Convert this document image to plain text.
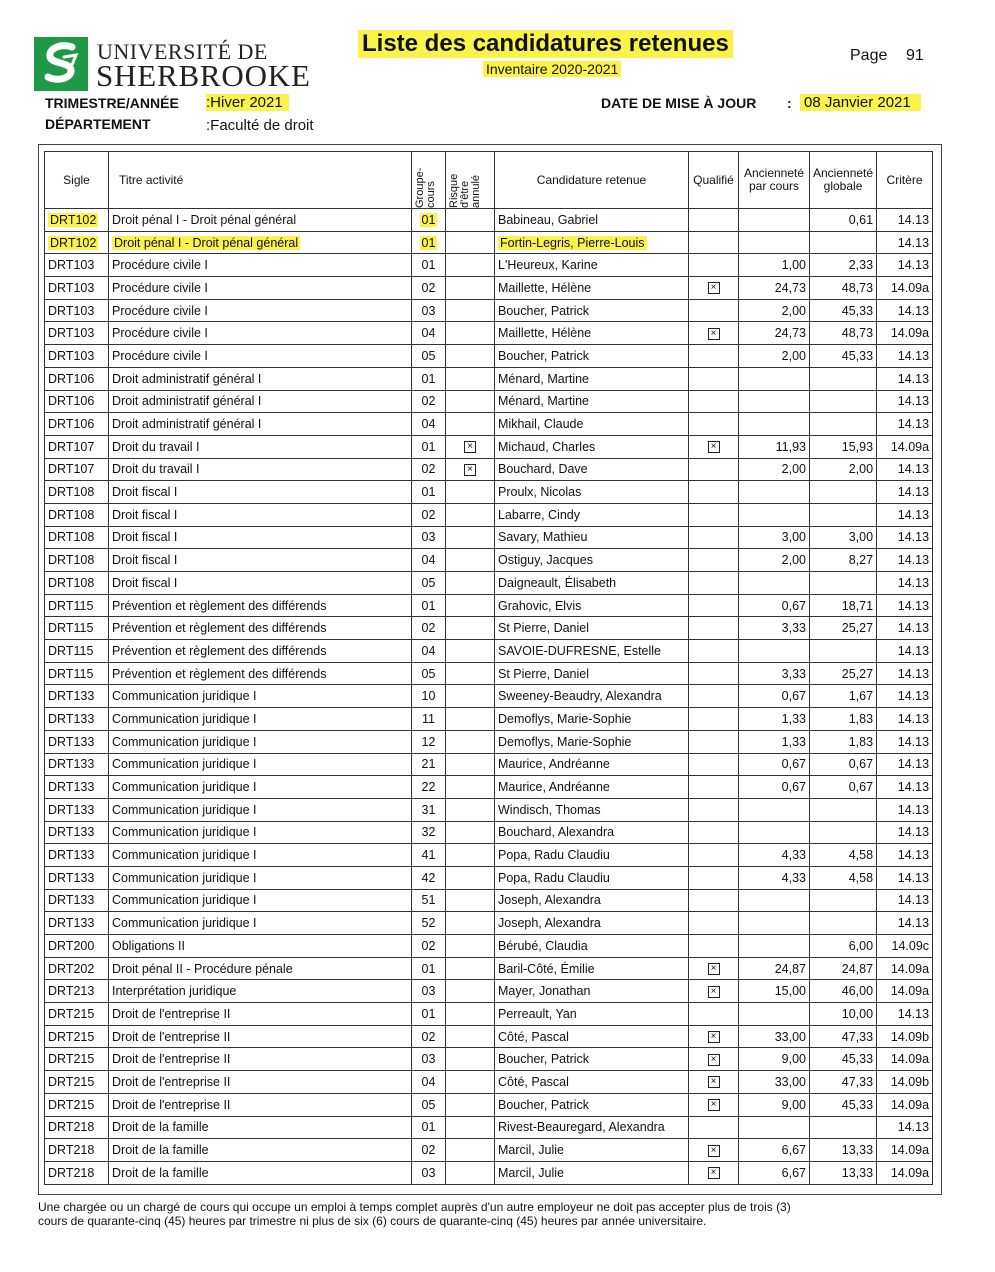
UNIVERSITÉ DE
SHERBROOKE
Liste des candidatures retenues
Inventaire 2020-2021
Page 91
TRIMESTRE/ANNÉE :Hiver 2021
DÉPARTEMENT	:Faculté de droit
DATE DE MISE À JOUR : 08 Janvier 2021
Sigle	Titre activité	Groupe-cours	Risque d'être annulé	Candidature retenue	Qualifié	Ancienneté par cours	Ancienneté globale	Critère
DRT102	Droit pénal I - Droit pénal général	01		Babineau, Gabriel			0,61	14.13
DRT102	Droit pénal I - Droit pénal général	01		Fortin-Legris, Pierre-Louis				14.13
DRT103	Procédure civile I	01		L'Heureux, Karine		1,00	2,33	14.13
DRT103	Procédure civile I	02		Maillette, Hélène	×	24,73	48,73	14.09a
DRT103	Procédure civile I	03		Boucher, Patrick		2,00	45,33	14.13
DRT103	Procédure civile I	04		Maillette, Hélène	×	24,73	48,73	14.09a
DRT103	Procédure civile I	05		Boucher, Patrick		2,00	45,33	14.13
DRT106	Droit administratif général I	01		Ménard, Martine				14.13
DRT106	Droit administratif général I	02		Ménard, Martine				14.13
DRT106	Droit administratif général I	04		Mikhail, Claude				14.13
DRT107	Droit du travail I	01	×	Michaud, Charles	×	11,93	15,93	14.09a
DRT107	Droit du travail I	02	×	Bouchard, Dave		2,00	2,00	14.13
DRT108	Droit fiscal I	01		Proulx, Nicolas				14.13
DRT108	Droit fiscal I	02		Labarre, Cindy				14.13
DRT108	Droit fiscal I	03		Savary, Mathieu		3,00	3,00	14.13
DRT108	Droit fiscal I	04		Ostiguy, Jacques		2,00	8,27	14.13
DRT108	Droit fiscal I	05		Daigneault, Élisabeth				14.13
DRT115	Prévention et règlement des différends	01		Grahovic, Elvis		0,67	18,71	14.13
DRT115	Prévention et règlement des différends	02		St Pierre, Daniel		3,33	25,27	14.13
DRT115	Prévention et règlement des différends	04		SAVOIE-DUFRESNE, Estelle				14.13
DRT115	Prévention et règlement des différends	05		St Pierre, Daniel		3,33	25,27	14.13
DRT133	Communication juridique I	10		Sweeney-Beaudry, Alexandra		0,67	1,67	14.13
DRT133	Communication juridique I	11		Demoflys, Marie-Sophie		1,33	1,83	14.13
DRT133	Communication juridique I	12		Demoflys, Marie-Sophie		1,33	1,83	14.13
DRT133	Communication juridique I	21		Maurice, Andréanne		0,67	0,67	14.13
DRT133	Communication juridique I	22		Maurice, Andréanne		0,67	0,67	14.13
DRT133	Communication juridique I	31		Windisch, Thomas				14.13
DRT133	Communication juridique I	32		Bouchard, Alexandra				14.13
DRT133	Communication juridique I	41		Popa, Radu Claudiu		4,33	4,58	14.13
DRT133	Communication juridique I	42		Popa, Radu Claudiu		4,33	4,58	14.13
DRT133	Communication juridique I	51		Joseph, Alexandra				14.13
DRT133	Communication juridique I	52		Joseph, Alexandra				14.13
DRT200	Obligations II	02		Bérubé, Claudia			6,00	14.09c
DRT202	Droit pénal II - Procédure pénale	01		Baril-Côté, Émilie	×	24,87	24,87	14.09a
DRT213	Interprétation juridique	03		Mayer, Jonathan	×	15,00	46,00	14.09a
DRT215	Droit de l'entreprise II	01		Perreault, Yan			10,00	14.13
DRT215	Droit de l'entreprise II	02		Côté, Pascal	×	33,00	47,33	14.09b
DRT215	Droit de l'entreprise II	03		Boucher, Patrick	×	9,00	45,33	14.09a
DRT215	Droit de l'entreprise II	04		Côté, Pascal	×	33,00	47,33	14.09b
DRT215	Droit de l'entreprise II	05		Boucher, Patrick	×	9,00	45,33	14.09a
DRT218	Droit de la famille	01		Rivest-Beauregard, Alexandra				14.13
DRT218	Droit de la famille	02		Marcil, Julie	×	6,67	13,33	14.09a
DRT218	Droit de la famille	03		Marcil, Julie	×	6,67	13,33	14.09a
Une chargée ou un chargé de cours qui occupe un emploi à temps complet auprès d'un autre employeur ne doit pas accepter plus de trois (3) cours de quarante-cinq (45) heures par trimestre ni plus de six (6) cours de quarante-cinq (45) heures par année universitaire.
